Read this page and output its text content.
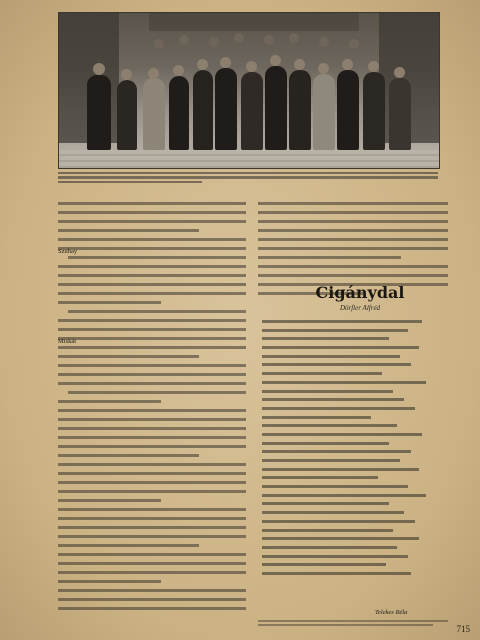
Cigánydal
Dörfler Alfréd
Telekes Béla
Szuhay
Miskát
715
